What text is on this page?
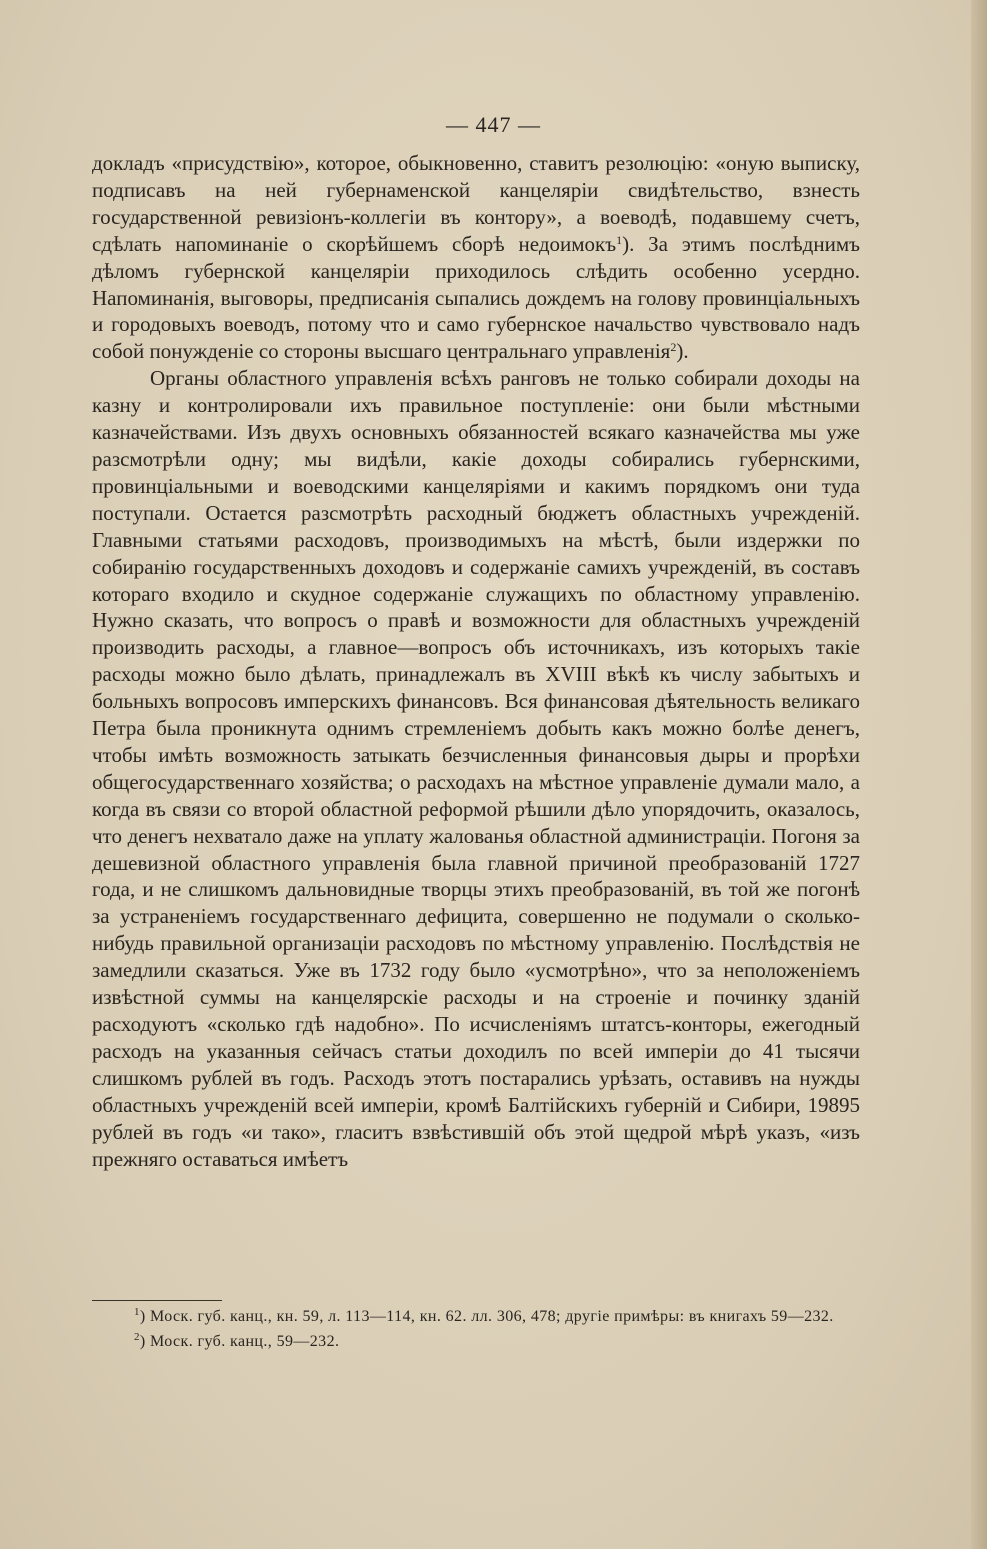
— 447 —

докладъ «присудствію», которое, обыкновенно, ставитъ резолюцію: «оную выписку, подписавъ на ней губернаменской канцеляріи свидѣтельство, взнесть государственной ревизіонъ-коллегіи въ контору», а воеводѣ, подавшему счетъ, сдѣлать напоминаніе о скорѣйшемъ сборѣ недоимокъ$^1$). За этимъ послѣднимъ дѣломъ губернской канцеляріи приходилось слѣдить особенно усердно. Напоминанія, выговоры, предписанія сыпались дождемъ на голову провинціальныхъ и городовыхъ воеводъ, потому что и само губернское начальство чувствовало надъ собой понужденіе со стороны высшаго центральнаго управленія$^2$).

Органы областного управленія всѣхъ ранговъ не только собирали доходы на казну и контролировали ихъ правильное поступленіе: они были мѣстными казначействами. Изъ двухъ основныхъ обязанностей всякаго казначейства мы уже разсмотрѣли одну; мы видѣли, какіе доходы собирались губернскими, провинціальными и воеводскими канцеляріями и какимъ порядкомъ они туда поступали. Остается разсмотрѣть расходный бюджетъ областныхъ учрежденій. Главными статьями расходовъ, производимыхъ на мѣстѣ, были издержки по собиранію государственныхъ доходовъ и содержаніе самихъ учрежденій, въ составъ котораго входило и скудное содержаніе служащихъ по областному управленію. Нужно сказать, что вопросъ о правѣ и возможности для областныхъ учрежденій производить расходы, а главное—вопросъ объ источникахъ, изъ которыхъ такіе расходы можно было дѣлать, принадлежалъ въ XVIII вѣкѣ къ числу забытыхъ и больныхъ вопросовъ имперскихъ финансовъ. Вся финансовая дѣятельность великаго Петра была проникнута однимъ стремленіемъ добыть какъ можно болѣе денегъ, чтобы имѣть возможность затыкать безчисленныя финансовыя дыры и прорѣхи общегосударственнаго хозяйства; о расходахъ на мѣстное управленіе думали мало, а когда въ связи со второй областной реформой рѣшили дѣло упорядочить, оказалось, что денегъ нехватало даже на уплату жалованья областной администраціи. Погоня за дешевизной областного управленія была главной причиной преобразованій 1727 года, и не слишкомъ дальновидные творцы этихъ преобразованій, въ той же погонѣ за устраненіемъ государственнаго дефицита, совершенно не подумали о сколько-нибудь правильной организаціи расходовъ по мѣстному управленію. Послѣдствія не замедлили сказаться. Уже въ 1732 году было «усмотрѣно», что за неположеніемъ извѣстной суммы на канцелярскіе расходы и на строеніе и починку зданій расходуютъ «сколько гдѣ надобно». По исчисленіямъ штатсъ-конторы, ежегодный расходъ на указанныя сейчасъ статьи доходилъ по всей имперіи до 41 тысячи слишкомъ рублей въ годъ. Расходъ этотъ постарались урѣзать, оставивъ на нужды областныхъ учрежденій всей имперіи, кромѣ Балтійскихъ губерній и Сибири, 19895 рублей въ годъ «и тако», гласитъ взвѣстившій объ этой щедрой мѣрѣ указъ, «изъ прежняго оставаться имѣетъ

$^1$) Моск. губ. канц., кн. 59, л. 113—114, кн. 62. лл. 306, 478; другіе примѣры: въ книгахъ 59—232.

$^2$) Моск. губ. канц., 59—232.
